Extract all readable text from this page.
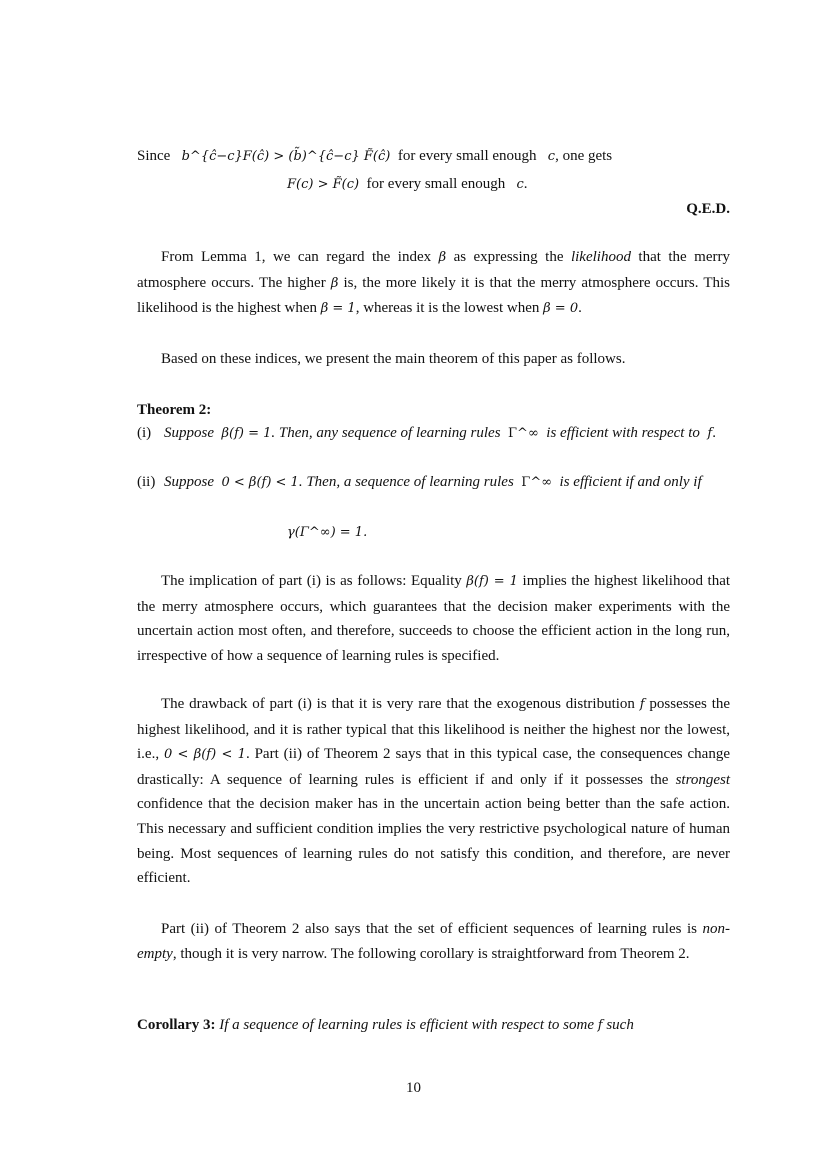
Since b^{ĉ−c}F(ĉ) > (b̃)^{ĉ−c} F̃(ĉ) for every small enough c, one gets
F(c) > F̃(c) for every small enough c.
Q.E.D.
From Lemma 1, we can regard the index β as expressing the likelihood that the merry atmosphere occurs. The higher β is, the more likely it is that the merry atmosphere occurs. This likelihood is the highest when β = 1, whereas it is the lowest when β = 0.
Based on these indices, we present the main theorem of this paper as follows.
Theorem 2:
(i) Suppose β(f) = 1. Then, any sequence of learning rules Γ^∞ is efficient with respect to f.
(ii) Suppose 0 < β(f) < 1. Then, a sequence of learning rules Γ^∞ is efficient if and only if
γ(Γ^∞) = 1.
The implication of part (i) is as follows: Equality β(f) = 1 implies the highest likelihood that the merry atmosphere occurs, which guarantees that the decision maker experiments with the uncertain action most often, and therefore, succeeds to choose the efficient action in the long run, irrespective of how a sequence of learning rules is specified.
The drawback of part (i) is that it is very rare that the exogenous distribution f possesses the highest likelihood, and it is rather typical that this likelihood is neither the highest nor the lowest, i.e., 0 < β(f) < 1. Part (ii) of Theorem 2 says that in this typical case, the consequences change drastically: A sequence of learning rules is efficient if and only if it possesses the strongest confidence that the decision maker has in the uncertain action being better than the safe action. This necessary and sufficient condition implies the very restrictive psychological nature of human being. Most sequences of learning rules do not satisfy this condition, and therefore, are never efficient.
Part (ii) of Theorem 2 also says that the set of efficient sequences of learning rules is non-empty, though it is very narrow. The following corollary is straightforward from Theorem 2.
Corollary 3: If a sequence of learning rules is efficient with respect to some f such
10
